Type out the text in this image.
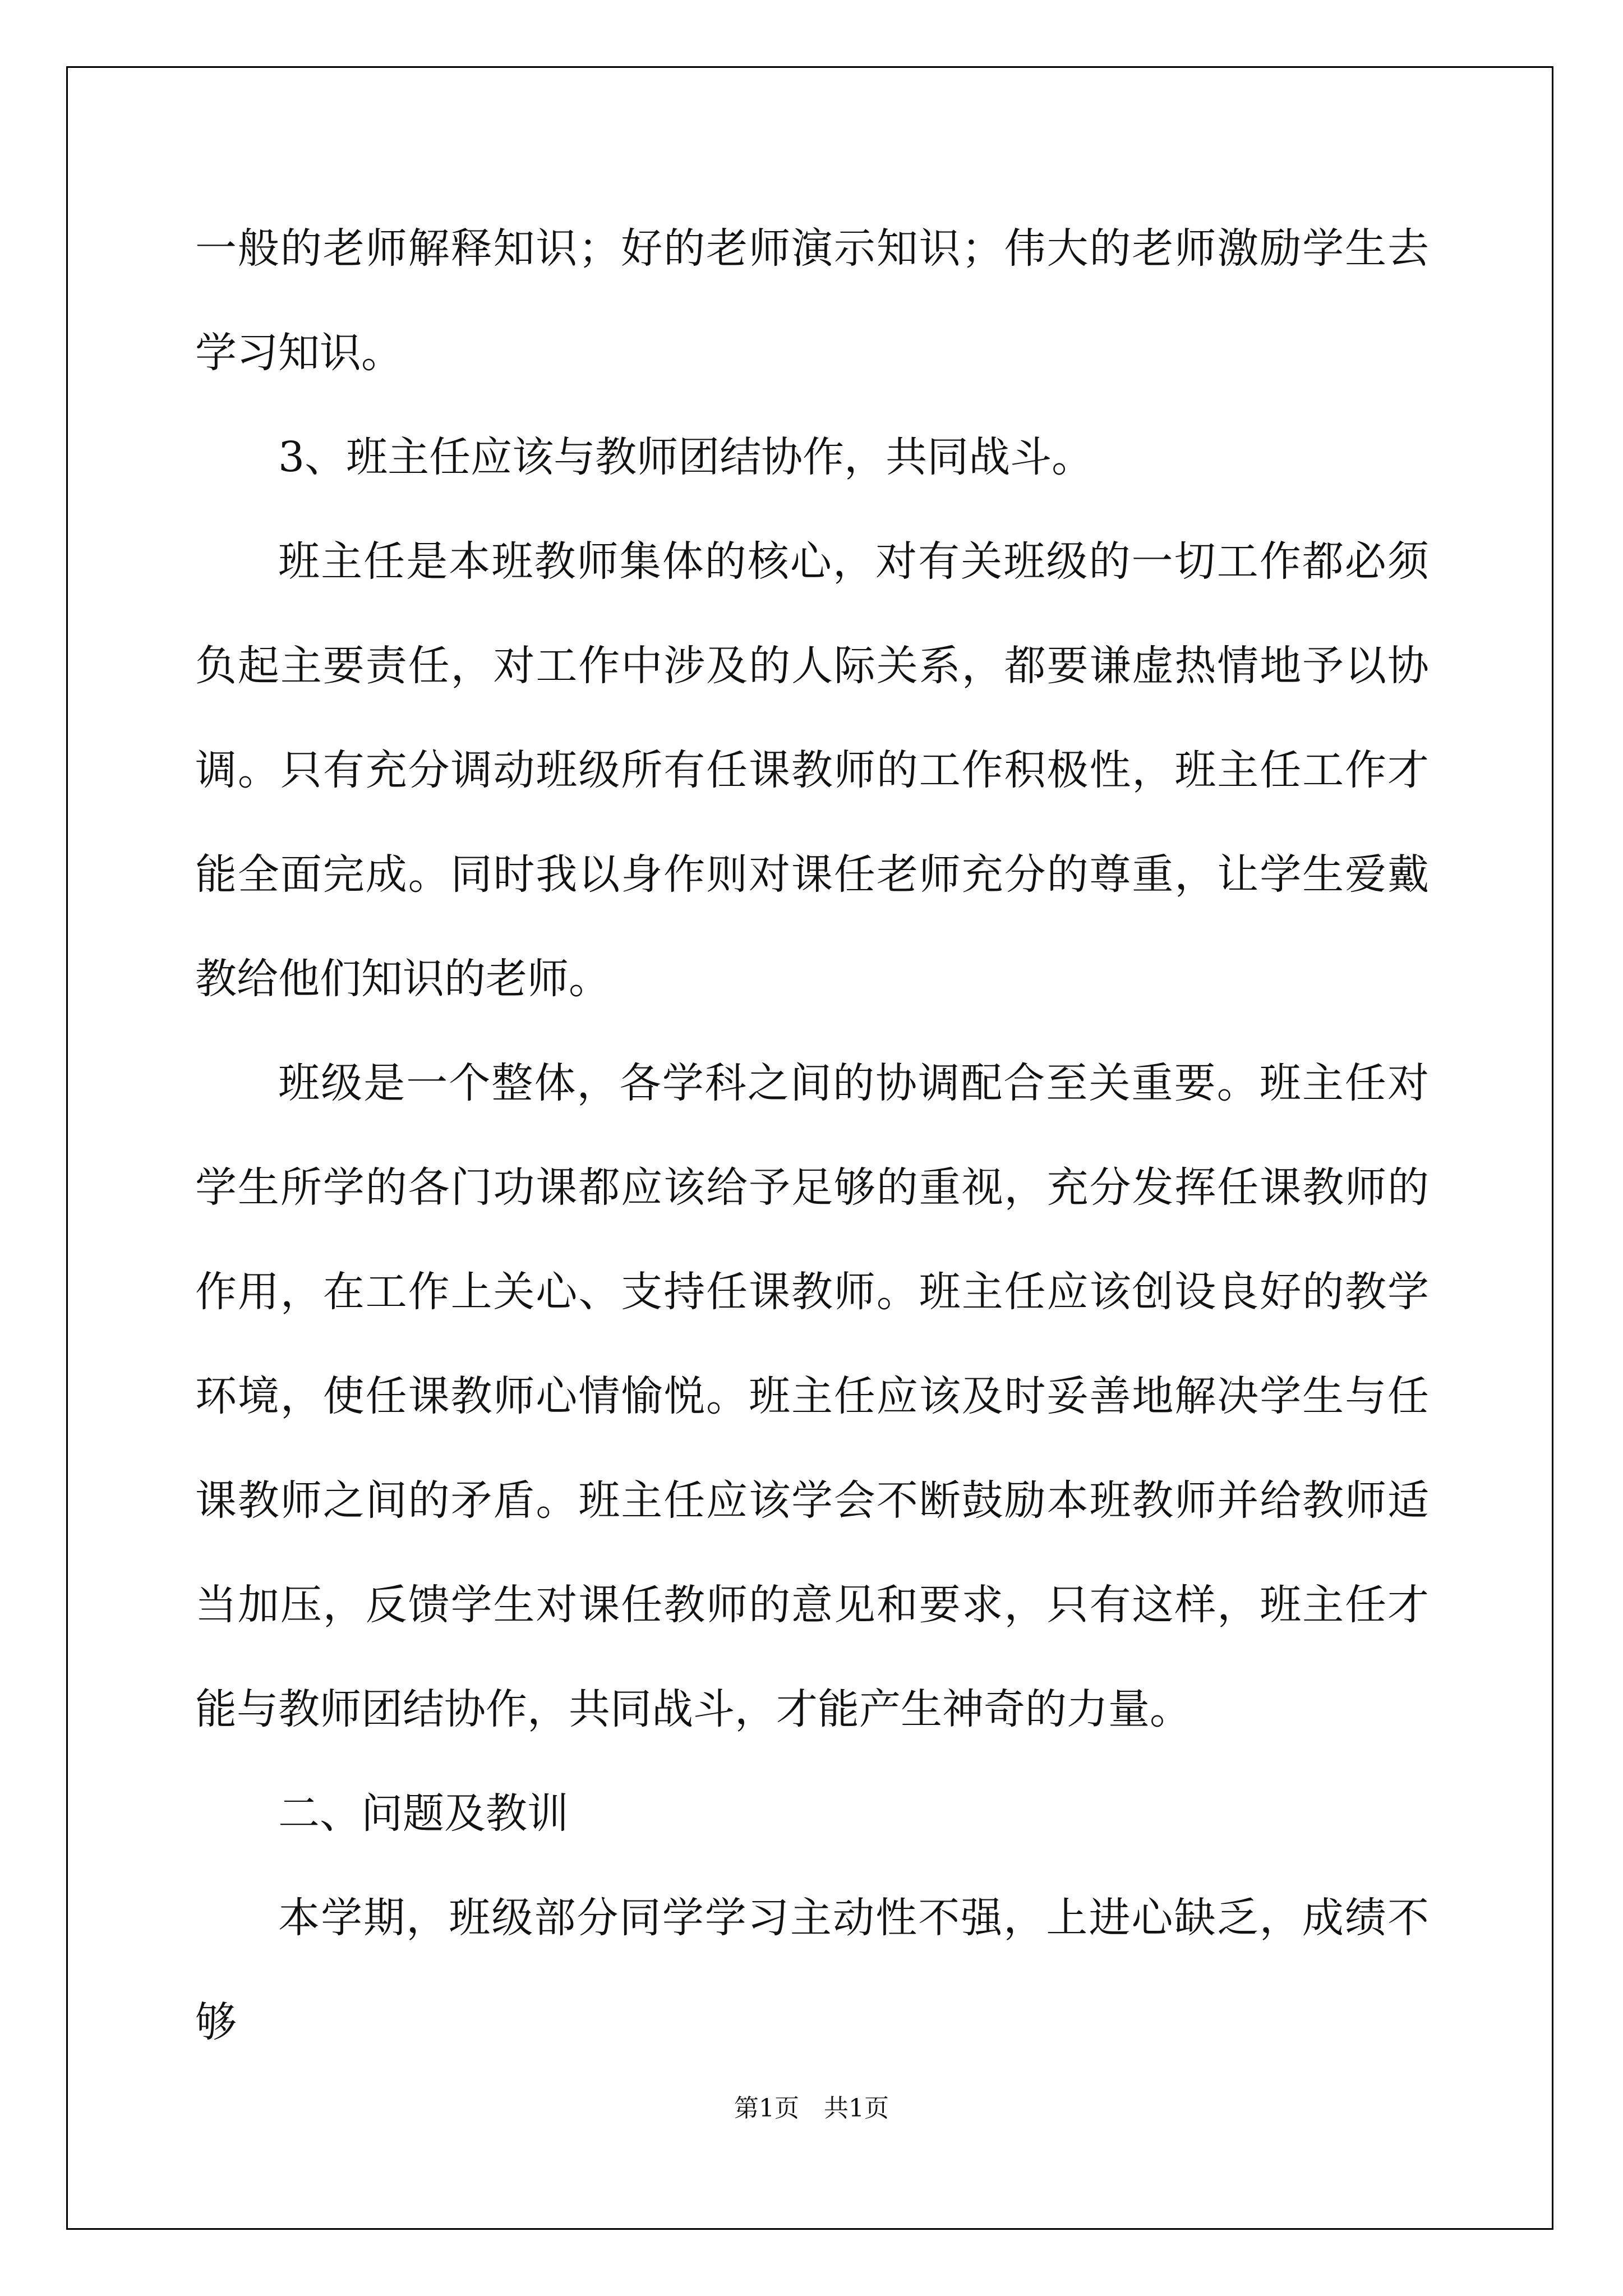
一般的老师解释知识；好的老师演示知识；伟大的老师激励学生去学习知识。

3、班主任应该与教师团结协作，共同战斗。

班主任是本班教师集体的核心，对有关班级的一切工作都必须负起主要责任，对工作中涉及的人际关系，都要谦虚热情地予以协调。只有充分调动班级所有任课教师的工作积极性，班主任工作才能全面完成。同时我以身作则对课任老师充分的尊重，让学生爱戴教给他们知识的老师。

班级是一个整体，各学科之间的协调配合至关重要。班主任对学生所学的各门功课都应该给予足够的重视，充分发挥任课教师的作用，在工作上关心、支持任课教师。班主任应该创设良好的教学环境，使任课教师心情愉悦。班主任应该及时妥善地解决学生与任课教师之间的矛盾。班主任应该学会不断鼓励本班教师并给教师适当加压，反馈学生对课任教师的意见和要求，只有这样，班主任才能与教师团结协作，共同战斗，才能产生神奇的力量。

二、问题及教训

本学期，班级部分同学学习主动性不强，上进心缺乏，成绩不够

第1页　共1页
